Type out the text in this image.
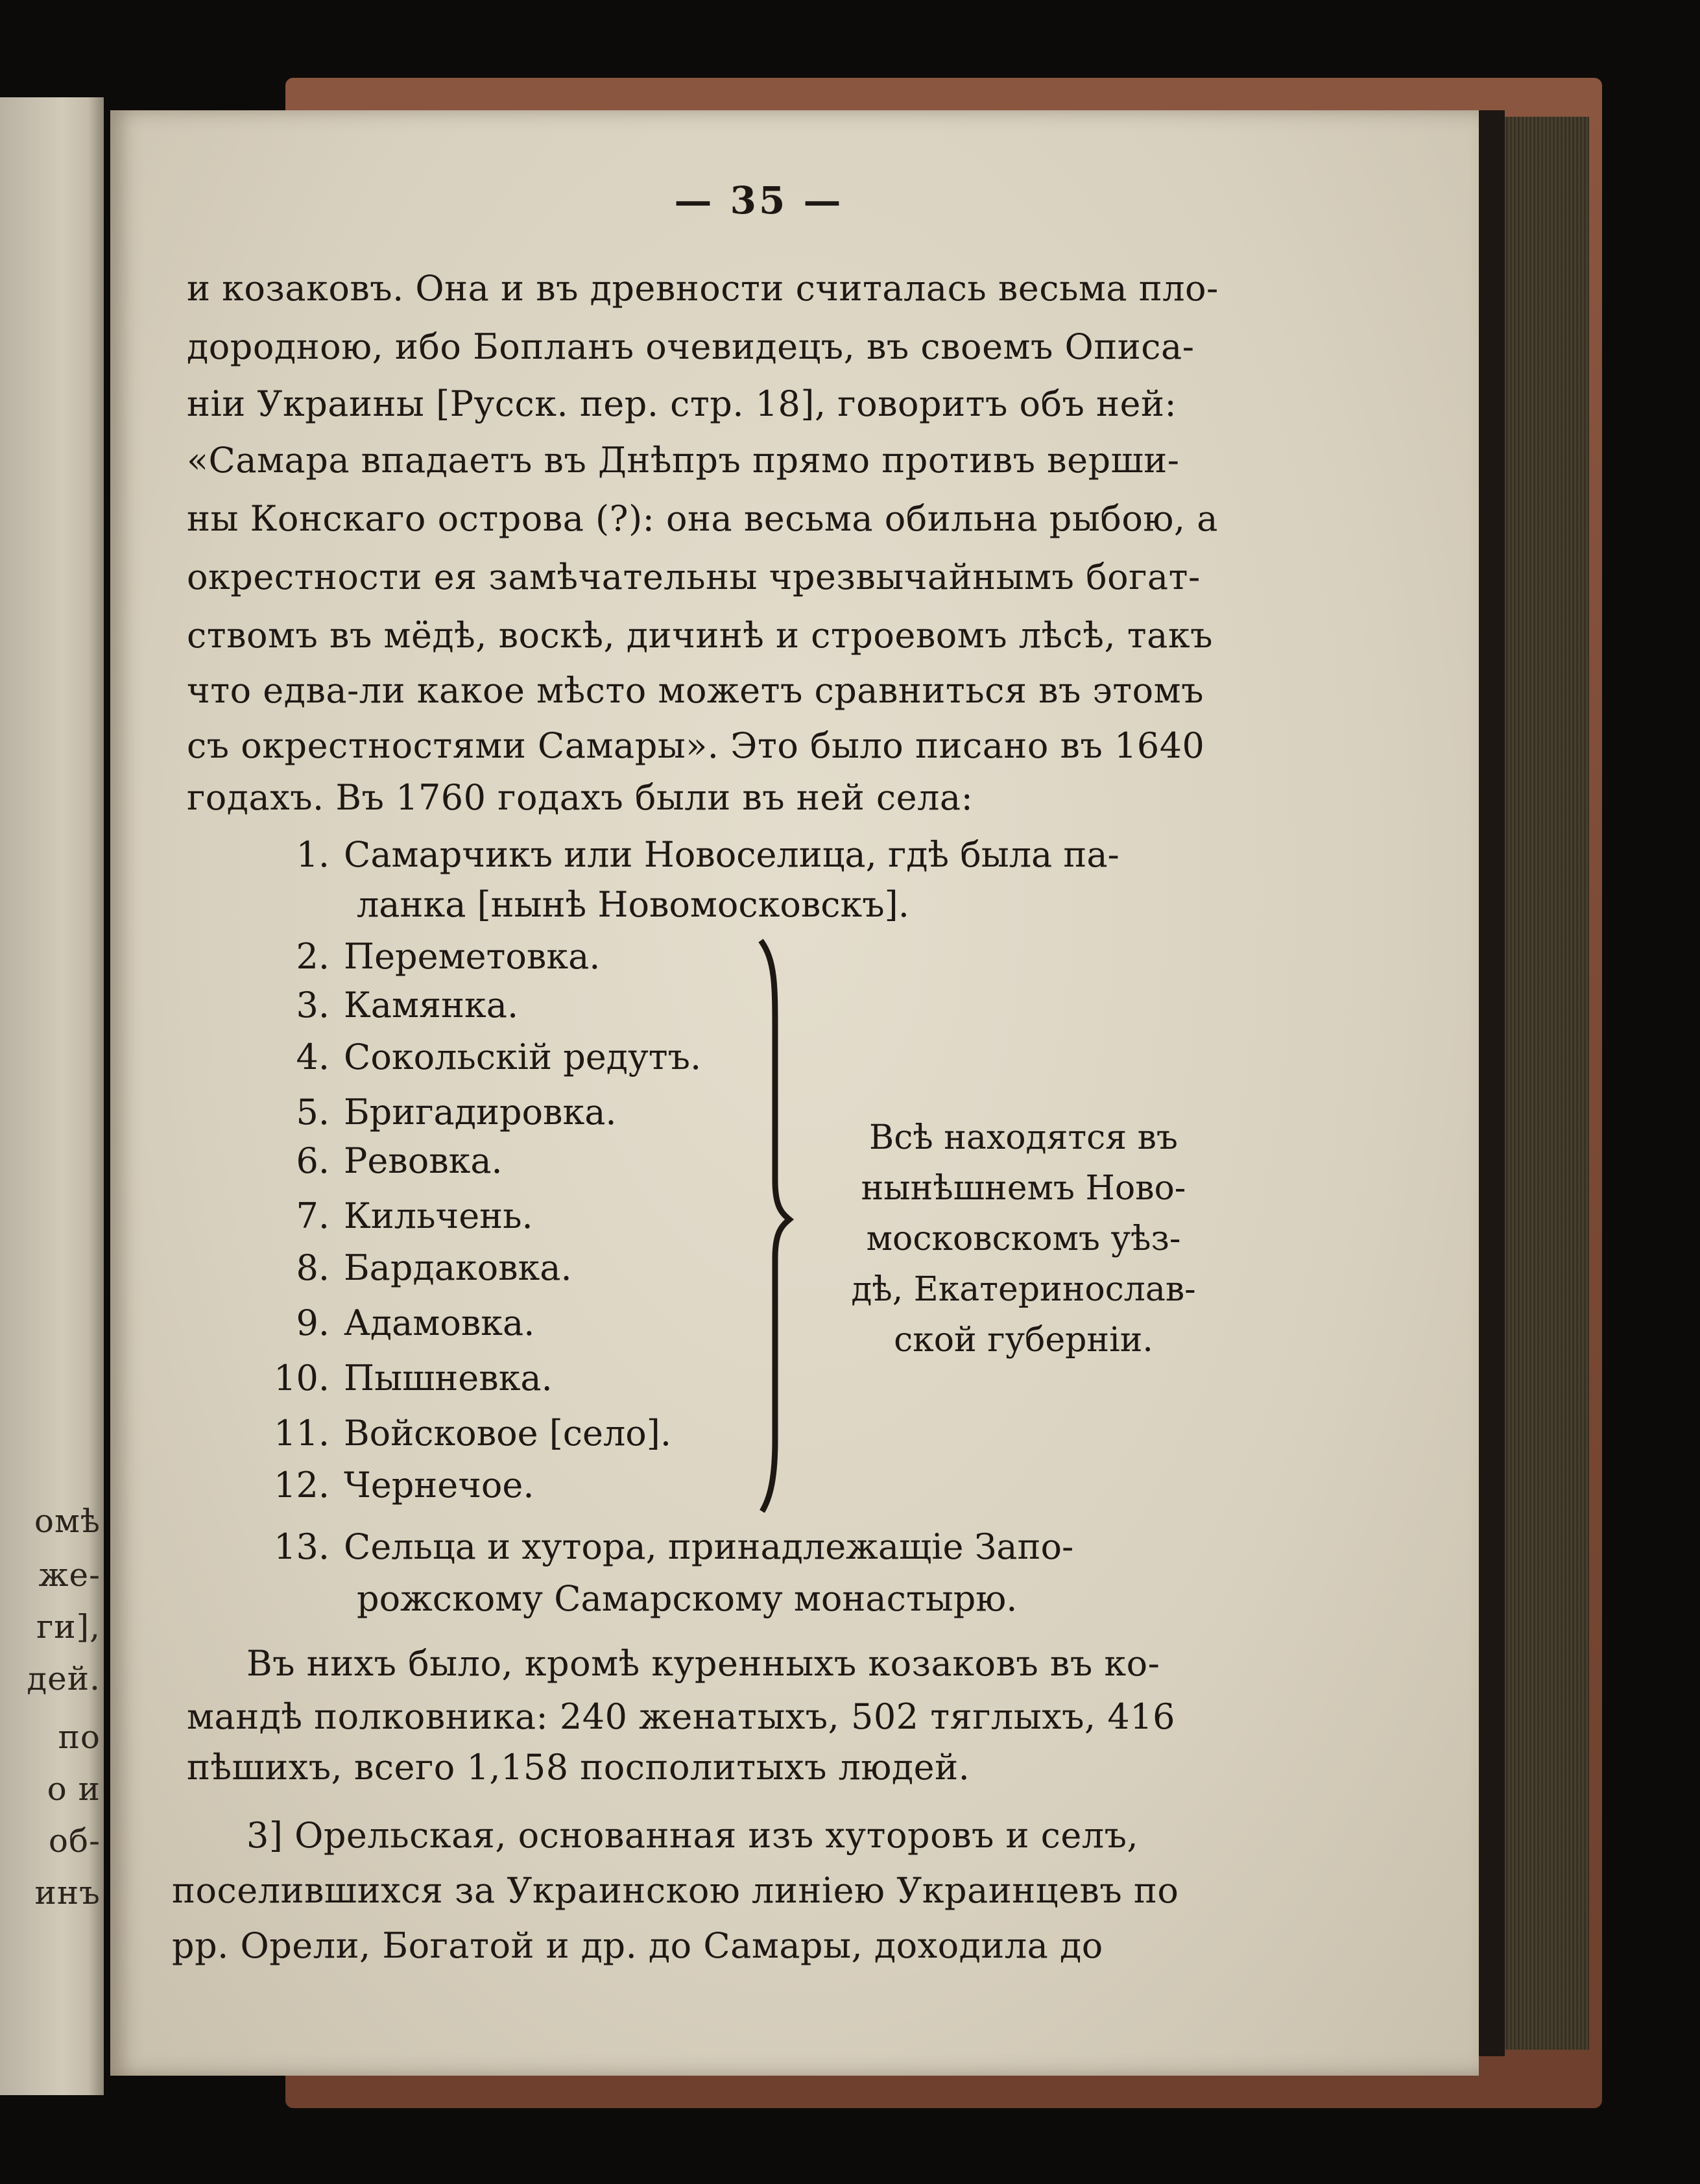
омѣ
же-
ги],
дей.
по
о и
об-
инъ
— 35 —
и козаковъ. Она и въ древности считалась весьма пло-
дородною, ибо Бопланъ очевидецъ, въ своемъ Описа-
ніи Украины [Русск. пер. стр. 18], говоритъ объ ней:
«Самара впадаетъ въ Днѣпръ прямо противъ верши-
ны Конскаго острова (?): она весьма обильна рыбою, а
окрестности ея замѣчательны чрезвычайнымъ богат-
ствомъ въ мёдѣ, воскѣ, дичинѣ и строевомъ лѣсѣ, такъ
что едва-ли какое мѣсто можетъ сравниться въ этомъ
съ окрестностями Самары». Это было писано въ 1640
годахъ. Въ 1760 годахъ были въ ней села:
1. Самарчикъ или Новоселица, гдѣ была па-
ланка [нынѣ Новомосковскъ].
2. Переметовка.
3. Камянка.
4. Сокольскій редутъ.
5. Бригадировка.
6. Ревовка.
7. Кильчень.
8. Бардаковка.
9. Адамовка.
10. Пышневка.
11. Войсковое [село].
12. Чернечое.
13. Сельца и хутора, принадлежащіе Запо-
рожскому Самарскому монастырю.
Всѣ находятся въ
нынѣшнемъ Ново-
московскомъ уѣз-
дѣ, Екатеринослав-
ской губерніи.
Въ нихъ было, кромѣ куренныхъ козаковъ въ ко-
мандѣ полковника: 240 женатыхъ, 502 тяглыхъ, 416
пѣшихъ, всего 1,158 посполитыхъ людей.
3] Орельская, основанная изъ хуторовъ и селъ,
поселившихся за Украинскою линіею Украинцевъ по
рр. Орели, Богатой и др. до Самары, доходила до
